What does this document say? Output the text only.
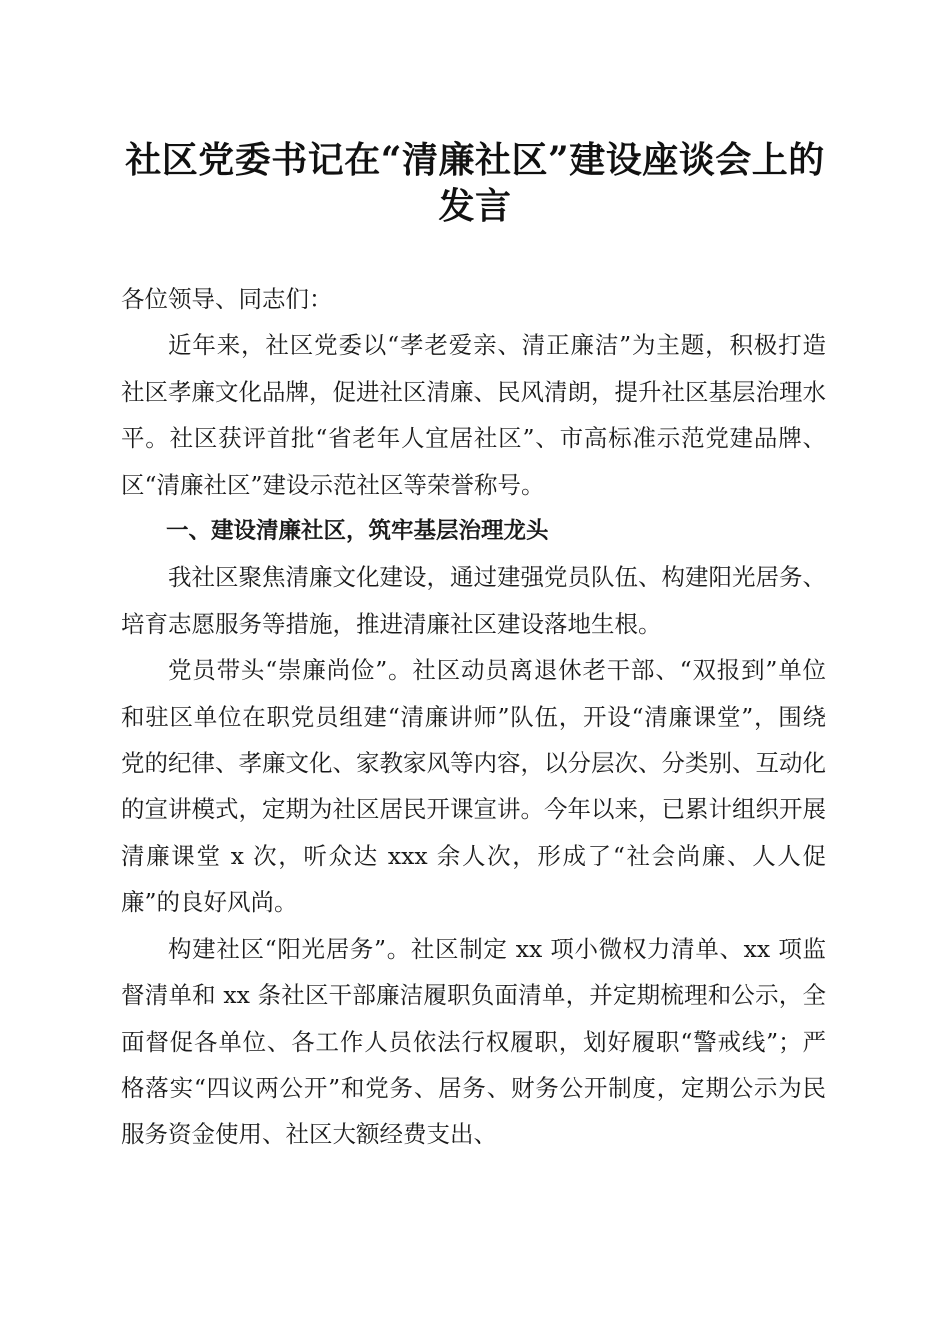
社区党委书记在“清廉社区”建设座谈会上的
发言

各位领导、同志们：

近年来，社区党委以“孝老爱亲、清正廉洁”为主题，积极打造社区孝廉文化品牌，促进社区清廉、民风清朗，提升社区基层治理水平。社区获评首批“省老年人宜居社区”、市高标准示范党建品牌、区“清廉社区”建设示范社区等荣誉称号。

一、建设清廉社区，筑牢基层治理龙头

我社区聚焦清廉文化建设，通过建强党员队伍、构建阳光居务、培育志愿服务等措施，推进清廉社区建设落地生根。

党员带头“崇廉尚俭”。社区动员离退休老干部、“双报到”单位和驻区单位在职党员组建“清廉讲师”队伍，开设“清廉课堂”，围绕党的纪律、孝廉文化、家教家风等内容，以分层次、分类别、互动化的宣讲模式，定期为社区居民开课宣讲。今年以来，已累计组织开展清廉课堂 x 次，听众达 xxx 余人次，形成了“社会尚廉、人人促廉”的良好风尚。

构建社区“阳光居务”。社区制定 xx 项小微权力清单、xx 项监督清单和 xx 条社区干部廉洁履职负面清单，并定期梳理和公示，全面督促各单位、各工作人员依法行权履职，划好履职“警戒线”；严格落实“四议两公开”和党务、居务、财务公开制度，定期公示为民服务资金使用、社区大额经费支出、
